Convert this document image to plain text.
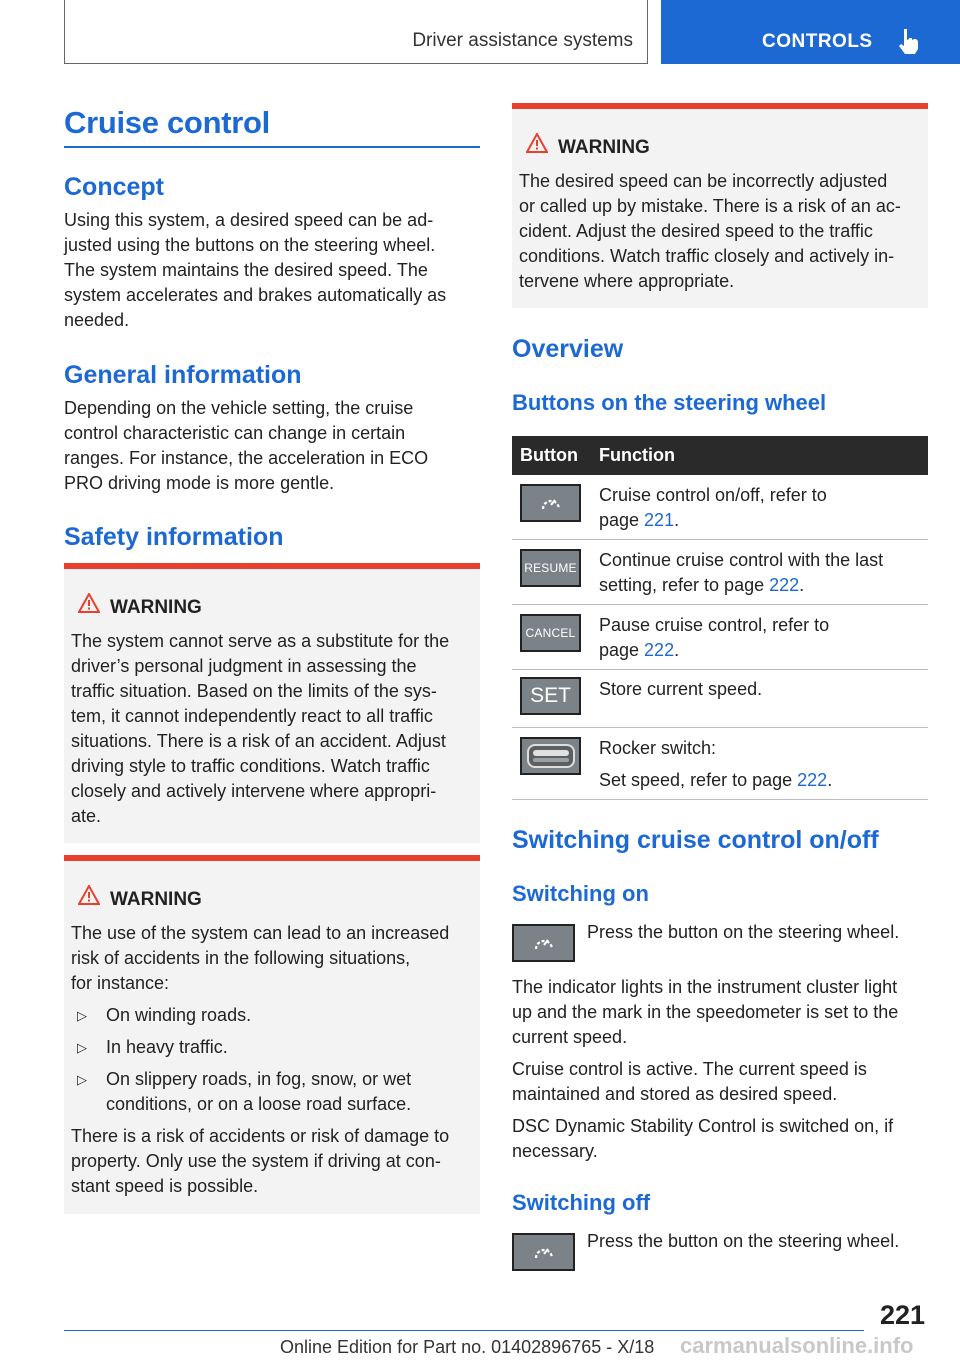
Driver assistance systems	CONTROLS
Cruise control
Concept

Using this system, a desired speed can be ad-
justed using the buttons on the steering wheel.
The system maintains the desired speed. The
system accelerates and brakes automatically as
needed.

General information

Depending on the vehicle setting, the cruise
control characteristic can change in certain
ranges. For instance, the acceleration in ECO
PRO driving mode is more gentle.

Safety information
WARNING

The system cannot serve as a substitute for the
driver’s personal judgment in assessing the
traffic situation. Based on the limits of the sys-
tem, it cannot independently react to all traffic
situations. There is a risk of an accident. Adjust
driving style to traffic conditions. Watch traffic
closely and actively intervene where appropri-
ate.

WARNING

The use of the system can lead to an increased
risk of accidents in the following situations,
for instance:

▷ On winding roads.
▷ In heavy traffic.
▷ On slippery roads, in fog, snow, or wet
conditions, or on a loose road surface.

There is a risk of accidents or risk of damage to
property. Only use the system if driving at con-
stant speed is possible.

WARNING

The desired speed can be incorrectly adjusted
or called up by mistake. There is a risk of an ac-
cident. Adjust the desired speed to the traffic
conditions. Watch traffic closely and actively in-
tervene where appropriate.

Overview
Buttons on the steering wheel
Button Function
Cruise control on/off, refer to
page 221.
RESUME Continue cruise control with the last
setting, refer to page 222.
CANCEL Pause cruise control, refer to
page 222.
SET Store current speed.
Rocker switch:
Set speed, refer to page 222.
Switching cruise control on/off
Switching on

Press the button on the steering wheel.

The indicator lights in the instrument cluster light
up and the mark in the speedometer is set to the
current speed.

Cruise control is active. The current speed is
maintained and stored as desired speed.

DSC Dynamic Stability Control is switched on, if
necessary.

Switching off

Press the button on the steering wheel.

221
Online Edition for Part no. 01402896765 - X/18 carmanualsonline.info
